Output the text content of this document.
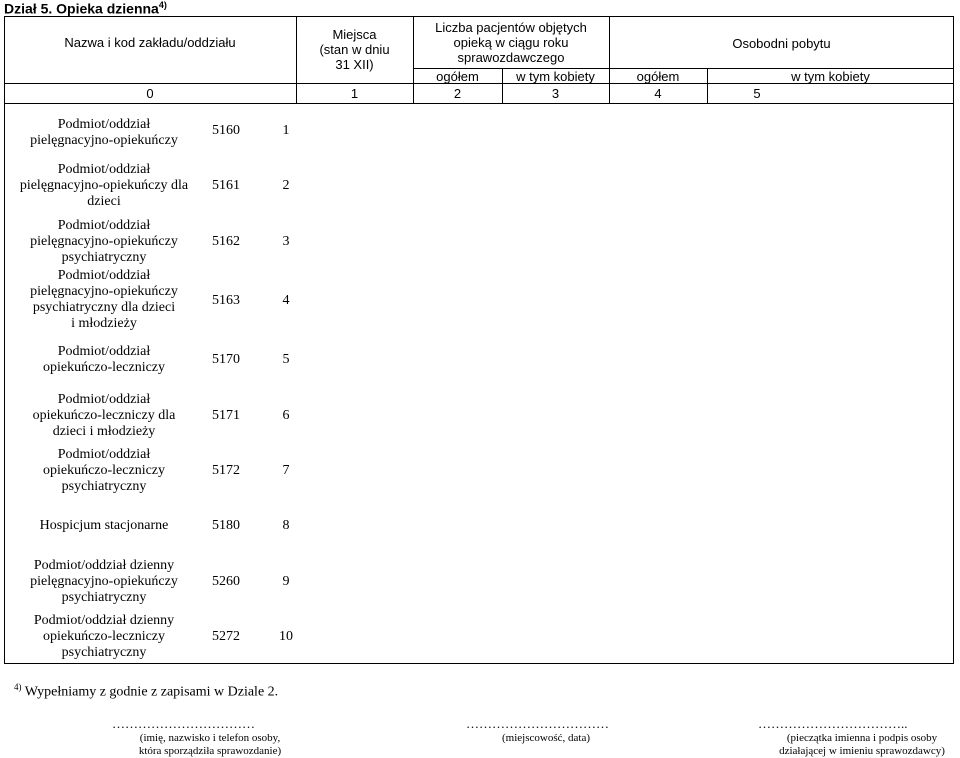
Dział 5. Opieka dzienna$^{4)}$
Nazwa i kod zakładu/oddziału
Miejsca
(stan w dniu
31 XII)
Liczba pacjentów objętych
opieką w ciągu roku
sprawozdawczego
Osobodni pobytu
ogółem	w tym kobiety	ogółem	w tym kobiety
0	1	2	3	4	5
Podmiot/oddział
pielęgnacyjno-opiekuńczy
5160	1
Podmiot/oddział
pielęgnacyjno-opiekuńczy dla
dzieci
5161	2
Podmiot/oddział
pielęgnacyjno-opiekuńczy
psychiatryczny
5162	3
Podmiot/oddział
pielęgnacyjno-opiekuńczy
psychiatryczny dla dzieci
i młodzieży
5163	4
Podmiot/oddział
opiekuńczo-leczniczy
5170	5
Podmiot/oddział
opiekuńczo-leczniczy dla
dzieci i młodzieży
5171	6
Podmiot/oddział
opiekuńczo-leczniczy
psychiatryczny
5172	7
Hospicjum stacjonarne	5180	8
Podmiot/oddział dzienny
pielęgnacyjno-opiekuńczy
psychiatryczny
5260	9
Podmiot/oddział dzienny
opiekuńczo-leczniczy
psychiatryczny
5272	10
$^{4)}$ Wypełniamy z godnie z zapisami w Dziale 2.
……………………………
(imię, nazwisko i telefon osoby,
która sporządziła sprawozdanie)
……………………………
(miejscowość, data)
……………………………..
(pieczątka imienna i podpis osoby
działającej w imieniu sprawozdawcy)
